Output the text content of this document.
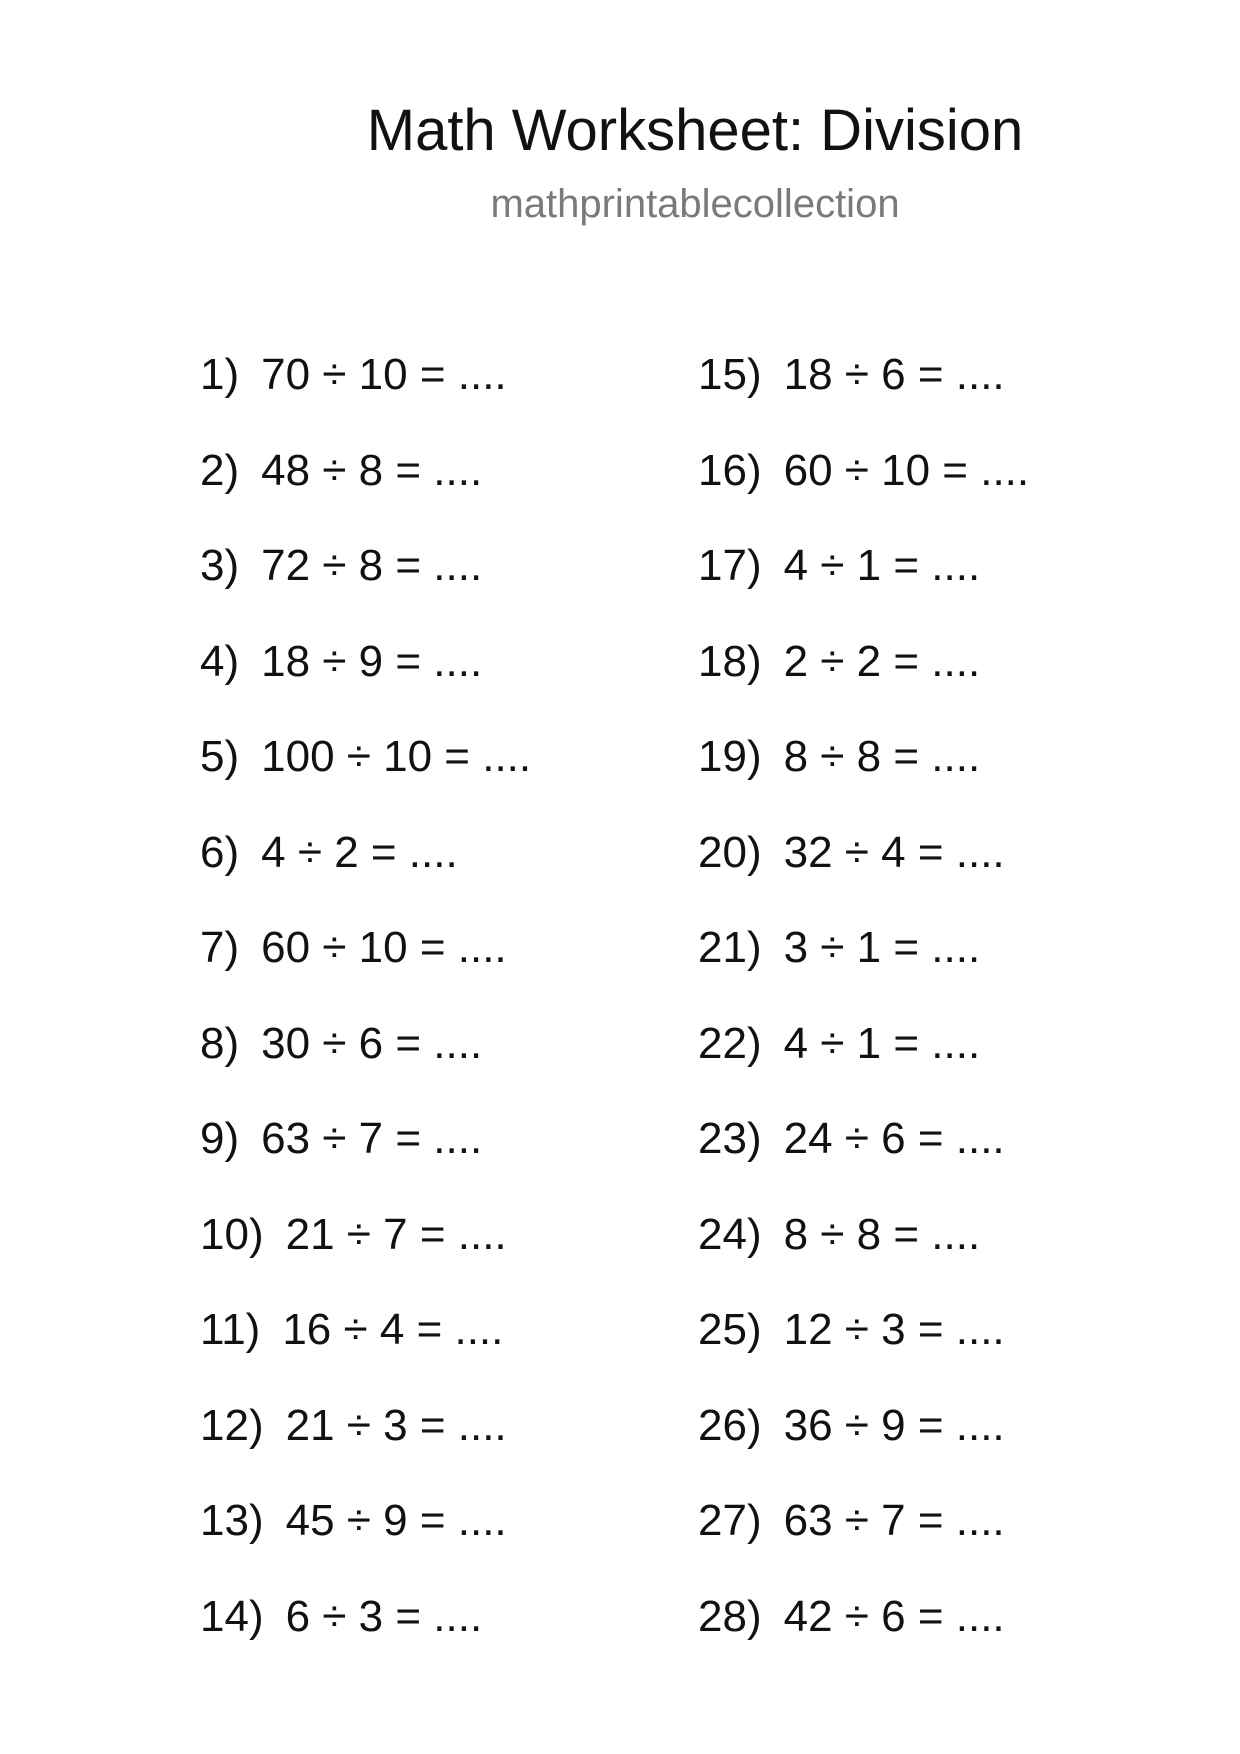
Math Worksheet: Division
mathprintablecollection
1) 70 ÷ 10 = ....
2) 48 ÷ 8 = ....
3) 72 ÷ 8 = ....
4) 18 ÷ 9 = ....
5) 100 ÷ 10 = ....
6) 4 ÷ 2 = ....
7) 60 ÷ 10 = ....
8) 30 ÷ 6 = ....
9) 63 ÷ 7 = ....
10) 21 ÷ 7 = ....
11) 16 ÷ 4 = ....
12) 21 ÷ 3 = ....
13) 45 ÷ 9 = ....
14) 6 ÷ 3 = ....
15) 18 ÷ 6 = ....
16) 60 ÷ 10 = ....
17) 4 ÷ 1 = ....
18) 2 ÷ 2 = ....
19) 8 ÷ 8 = ....
20) 32 ÷ 4 = ....
21) 3 ÷ 1 = ....
22) 4 ÷ 1 = ....
23) 24 ÷ 6 = ....
24) 8 ÷ 8 = ....
25) 12 ÷ 3 = ....
26) 36 ÷ 9 = ....
27) 63 ÷ 7 = ....
28) 42 ÷ 6 = ....
